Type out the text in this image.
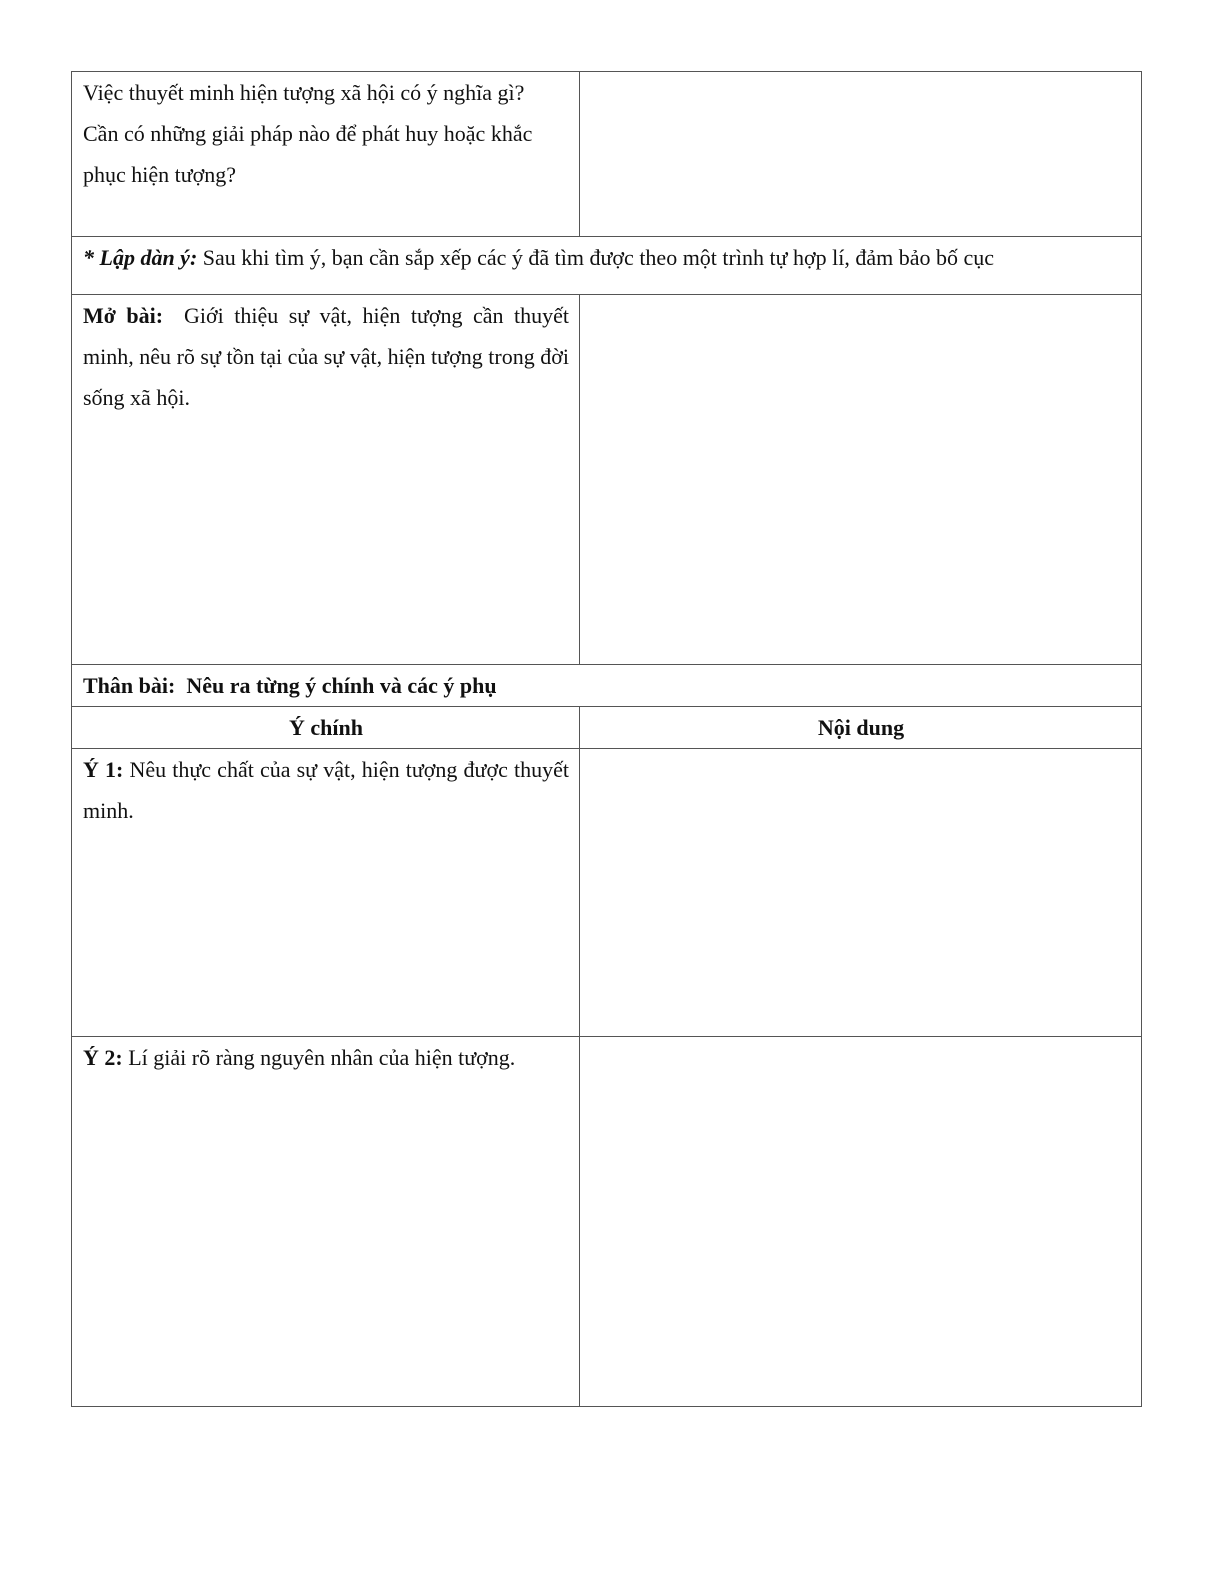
Việc thuyết minh hiện tượng xã hội có ý nghĩa gì?
Cần có những giải pháp nào để phát huy hoặc khắc phục hiện tượng?	
* Lập dàn ý: Sau khi tìm ý, bạn cần sắp xếp các ý đã tìm được theo một trình tự hợp lí, đảm bảo bố cục	
Mở bài:  Giới thiệu sự vật, hiện tượng cần thuyết minh, nêu rõ sự tồn tại của sự vật, hiện tượng trong đời sống xã hội.	
Thân bài:  Nêu ra từng ý chính và các ý phụ	
Ý chính	Nội dung
Ý 1: Nêu thực chất của sự vật, hiện tượng được thuyết minh.	
Ý 2: Lí giải rõ ràng nguyên nhân của hiện tượng.	
